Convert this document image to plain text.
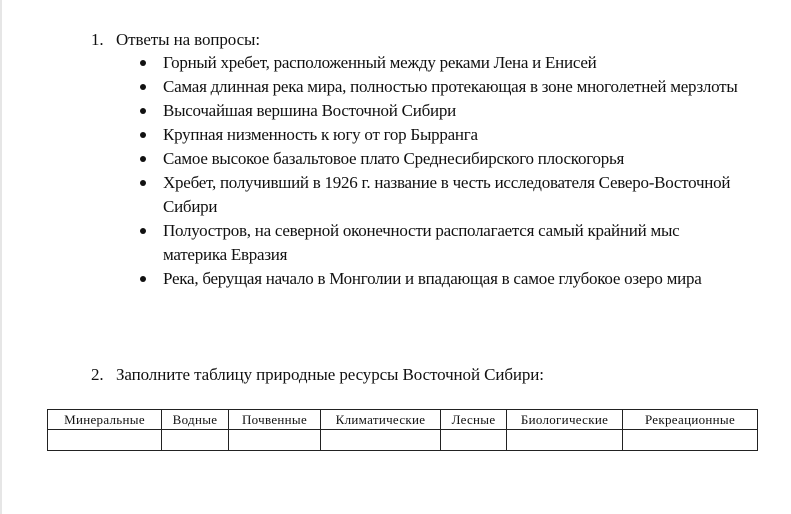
1. Ответы на вопросы:
Горный хребет, расположенный между реками Лена и Енисей
Самая длинная река мира, полностью протекающая в зоне многолетней мерзлоты
Высочайшая вершина Восточной Сибири
Крупная низменность к югу от гор Бырранга
Самое высокое базальтовое плато Среднесибирского плоскогорья
Хребет, получивший в 1926 г. название в честь исследователя Северо-Восточной Сибири
Полуостров, на северной оконечности располагается самый крайний мыс материка Евразия
Река, берущая начало в Монголии и впадающая в самое глубокое озеро мира
2. Заполните таблицу природные ресурсы Восточной Сибири:
Минеральные	Водные	Почвенные	Климатические	Лесные	Биологические	Рекреационные
